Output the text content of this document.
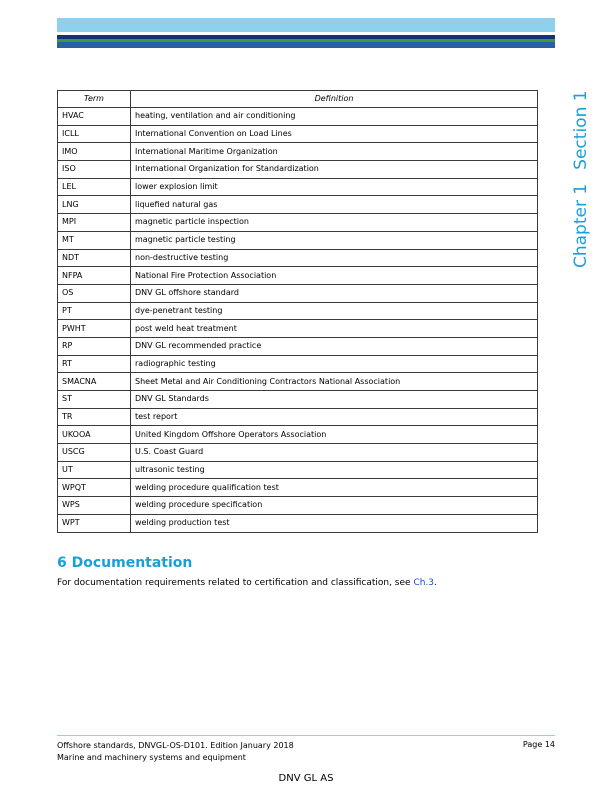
Chapter 1Section 1
Term	Definition
HVAC	heating, ventilation and air conditioning
ICLL	International Convention on Load Lines
IMO	International Maritime Organization
ISO	International Organization for Standardization
LEL	lower explosion limit
LNG	liquefied natural gas
MPI	magnetic particle inspection
MT	magnetic particle testing
NDT	non-destructive testing
NFPA	National Fire Protection Association
OS	DNV GL offshore standard
PT	dye-penetrant testing
PWHT	post weld heat treatment
RP	DNV GL recommended practice
RT	radiographic testing
SMACNA	Sheet Metal and Air Conditioning Contractors National Association
ST	DNV GL Standards
TR	test report
UKOOA	United Kingdom Offshore Operators Association
USCG	U.S. Coast Guard
UT	ultrasonic testing
WPQT	welding procedure qualification test
WPS	welding procedure specification
WPT	welding production test
6 Documentation
For documentation requirements related to certification and classification, see Ch.3.
Offshore standards, DNVGL-OS-D101. Edition January 2018
Marine and machinery systems and equipment
Page 14
DNV GL AS
